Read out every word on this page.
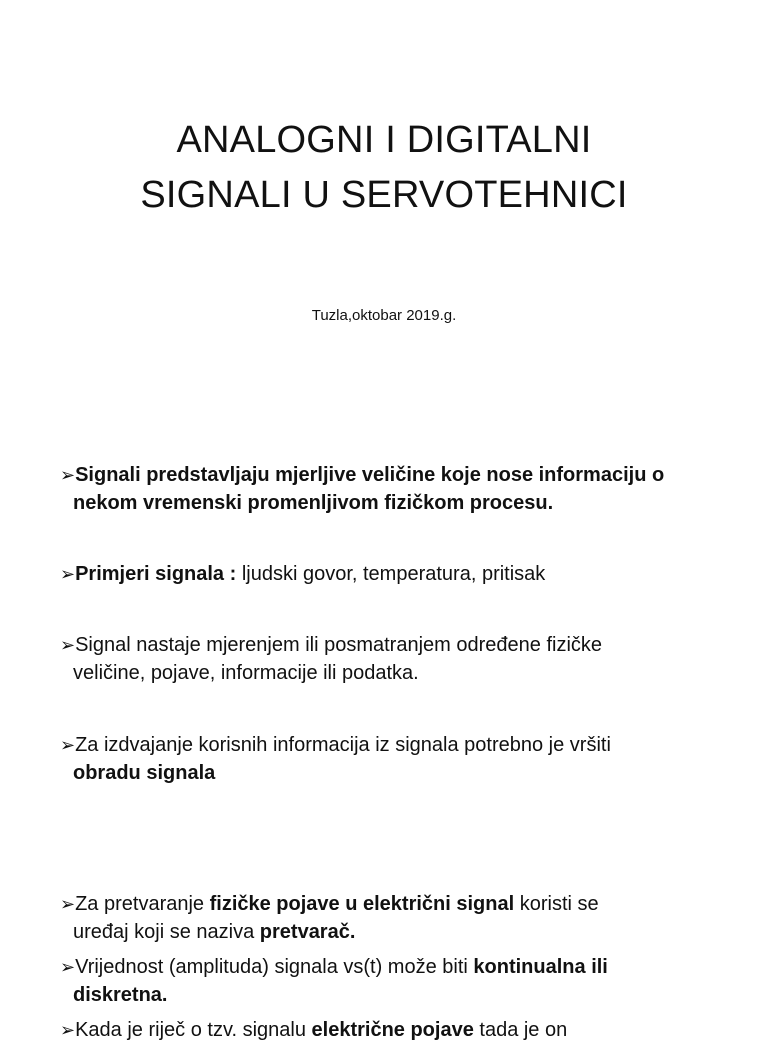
ANALOGNI I DIGITALNI
SIGNALI U SERVOTEHNICI
Tuzla,oktobar 2019.g.
➢Signali predstavljaju mjerljive veličine koje nose informaciju o
nekom vremenski promenljivom fizičkom procesu.
➢Primjeri signala : ljudski govor, temperatura, pritisak
➢Signal nastaje mjerenjem ili posmatranjem određene fizičke
veličine, pojave, informacije ili podatka.
➢Za izdvajanje korisnih informacija iz signala potrebno je vršiti
obradu signala
➢Za pretvaranje fizičke pojave u električni signal koristi se
uređaj koji se naziva pretvarač.
➢Vrijednost (amplituda) signala vs(t) može biti kontinualna ili
diskretna.
➢Kada je riječ o tzv. signalu električne pojave tada je on
